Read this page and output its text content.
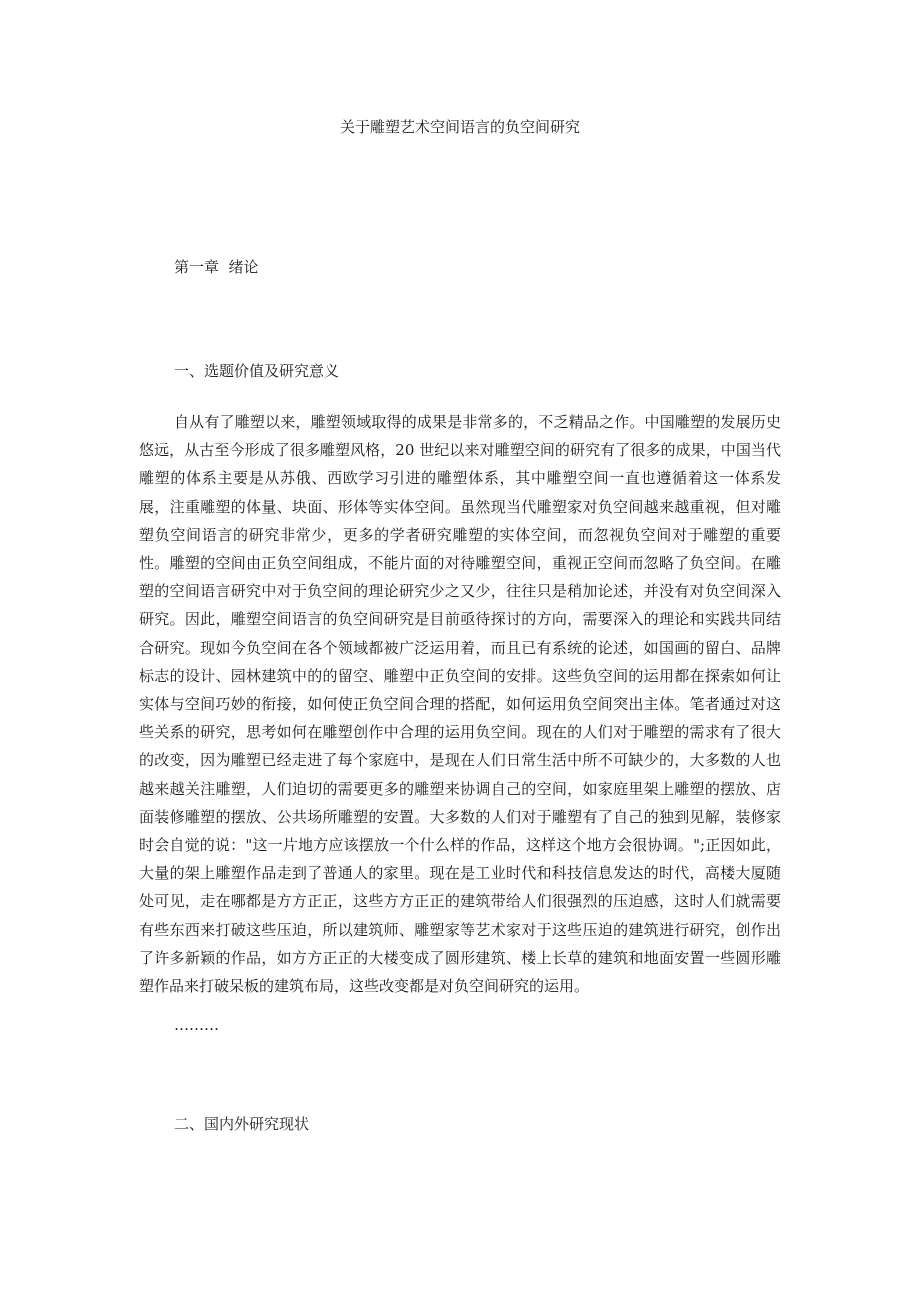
关于雕塑艺术空间语言的负空间研究
第一章  绪论
一、选题价值及研究意义

自从有了雕塑以来，雕塑领域取得的成果是非常多的，不乏精品之作。中国雕塑的发展历史悠远，从古至今形成了很多雕塑风格，20 世纪以来对雕塑空间的研究有了很多的成果，中国当代雕塑的体系主要是从苏俄、西欧学习引进的雕塑体系，其中雕塑空间一直也遵循着这一体系发展，注重雕塑的体量、块面、形体等实体空间。虽然现当代雕塑家对负空间越来越重视，但对雕塑负空间语言的研究非常少，更多的学者研究雕塑的实体空间，而忽视负空间对于雕塑的重要性。雕塑的空间由正负空间组成，不能片面的对待雕塑空间，重视正空间而忽略了负空间。在雕塑的空间语言研究中对于负空间的理论研究少之又少，往往只是稍加论述，并没有对负空间深入研究。因此，雕塑空间语言的负空间研究是目前亟待探讨的方向，需要深入的理论和实践共同结合研究。现如今负空间在各个领域都被广泛运用着，而且已有系统的论述，如国画的留白、品牌标志的设计、园林建筑中的的留空、雕塑中正负空间的安排。这些负空间的运用都在探索如何让实体与空间巧妙的衔接，如何使正负空间合理的搭配，如何运用负空间突出主体。笔者通过对这些关系的研究，思考如何在雕塑创作中合理的运用负空间。现在的人们对于雕塑的需求有了很大的改变，因为雕塑已经走进了每个家庭中，是现在人们日常生活中所不可缺少的，大多数的人也越来越关注雕塑，人们迫切的需要更多的雕塑来协调自己的空间，如家庭里架上雕塑的摆放、店面装修雕塑的摆放、公共场所雕塑的安置。大多数的人们对于雕塑有了自己的独到见解，装修家时会自觉的说："这一片地方应该摆放一个什么样的作品，这样这个地方会很协调。";正因如此，大量的架上雕塑作品走到了普通人的家里。现在是工业时代和科技信息发达的时代，高楼大厦随处可见，走在哪都是方方正正，这些方方正正的建筑带给人们很强烈的压迫感，这时人们就需要有些东西来打破这些压迫，所以建筑师、雕塑家等艺术家对于这些压迫的建筑进行研究，创作出了许多新颖的作品，如方方正正的大楼变成了圆形建筑、楼上长草的建筑和地面安置一些圆形雕塑作品来打破呆板的建筑布局，这些改变都是对负空间研究的运用。

………

二、国内外研究现状
